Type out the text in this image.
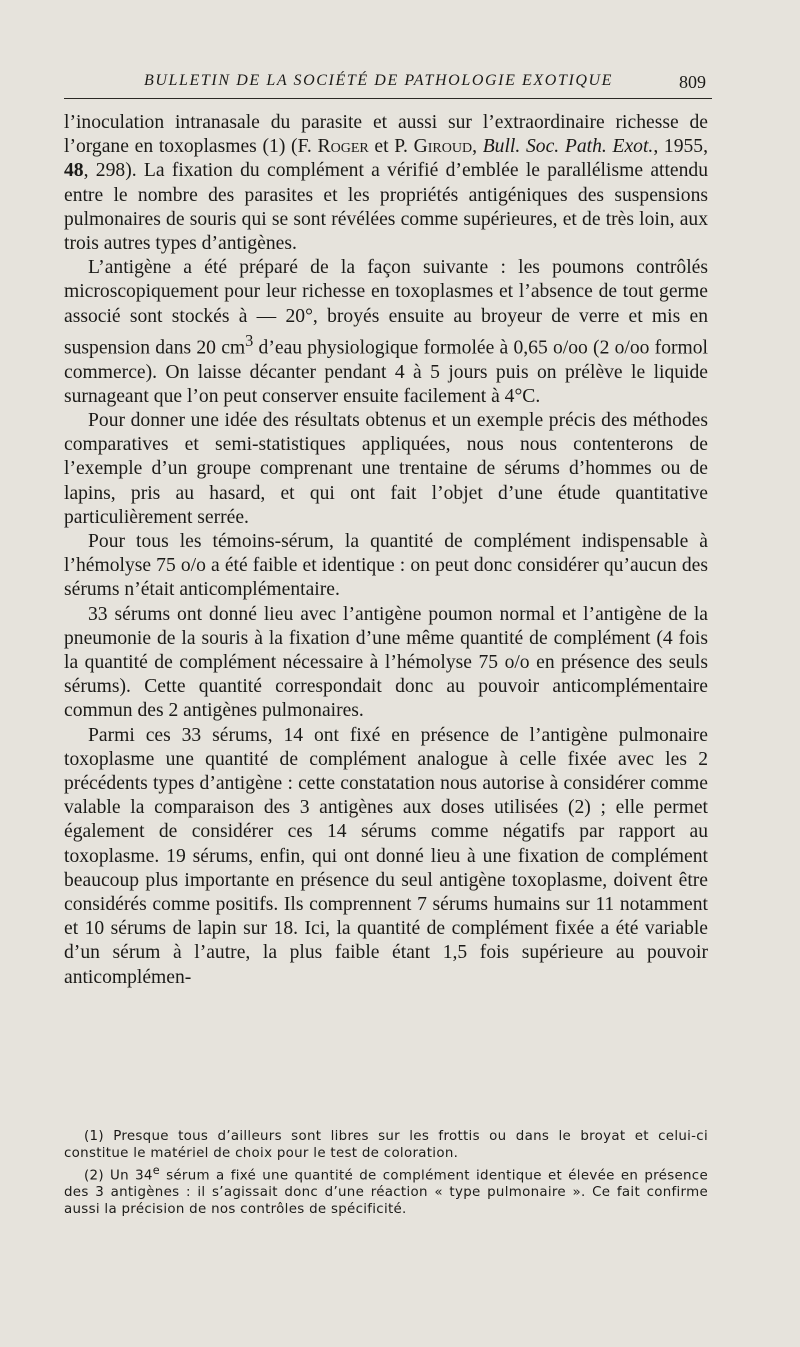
BULLETIN DE LA SOCIÉTÉ DE PATHOLOGIE EXOTIQUE	809

l’inoculation intranasale du parasite et aussi sur l’extraordinaire richesse de l’organe en toxoplasmes (1) (F. Roger et P. Giroud, Bull. Soc. Path. Exot., 1955, 48, 298). La fixation du complément a vérifié d’emblée le parallélisme attendu entre le nombre des parasites et les propriétés antigéniques des suspensions pulmonaires de souris qui se sont révélées comme supérieures, et de très loin, aux trois autres types d’antigènes.

L’antigène a été préparé de la façon suivante : les poumons contrôlés microscopiquement pour leur richesse en toxoplasmes et l’absence de tout germe associé sont stockés à — 20°, broyés ensuite au broyeur de verre et mis en suspension dans 20 $cm^3$ d’eau physiologique formolée à 0,65 o/oo (2 o/oo formol commerce). On laisse décanter pendant 4 à 5 jours puis on prélève le liquide surnageant que l’on peut conserver ensuite facilement à 4°C.

Pour donner une idée des résultats obtenus et un exemple précis des méthodes comparatives et semi-statistiques appliquées, nous nous contenterons de l’exemple d’un groupe comprenant une trentaine de sérums d’hommes ou de lapins, pris au hasard, et qui ont fait l’objet d’une étude quantitative particulièrement serrée.

Pour tous les témoins-sérum, la quantité de complément indispensable à l’hémolyse 75 o/o a été faible et identique : on peut donc considérer qu’aucun des sérums n’était anticomplémentaire.

33 sérums ont donné lieu avec l’antigène poumon normal et l’antigène de la pneumonie de la souris à la fixation d’une même quantité de complément (4 fois la quantité de complément nécessaire à l’hémolyse 75 o/o en présence des seuls sérums). Cette quantité correspondait donc au pouvoir anticomplémentaire commun des 2 antigènes pulmonaires.

Parmi ces 33 sérums, 14 ont fixé en présence de l’antigène pulmonaire toxoplasme une quantité de complément analogue à celle fixée avec les 2 précédents types d’antigène : cette constatation nous autorise à considérer comme valable la comparaison des 3 antigènes aux doses utilisées (2) ; elle permet également de considérer ces 14 sérums comme négatifs par rapport au toxoplasme. 19 sérums, enfin, qui ont donné lieu à une fixation de complément beaucoup plus importante en présence du seul antigène toxoplasme, doivent être considérés comme positifs. Ils comprennent 7 sérums humains sur 11 notamment et 10 sérums de lapin sur 18. Ici, la quantité de complément fixée a été variable d’un sérum à l’autre, la plus faible étant 1,5 fois supérieure au pouvoir anticomplémen-

(1) Presque tous d’ailleurs sont libres sur les frottis ou dans le broyat et celui-ci constitue le matériel de choix pour le test de coloration.

(2) Un 34e sérum a fixé une quantité de complément identique et élevée en présence des 3 antigènes : il s’agissait donc d’une réaction « type pulmonaire ». Ce fait confirme aussi la précision de nos contrôles de spécificité.
